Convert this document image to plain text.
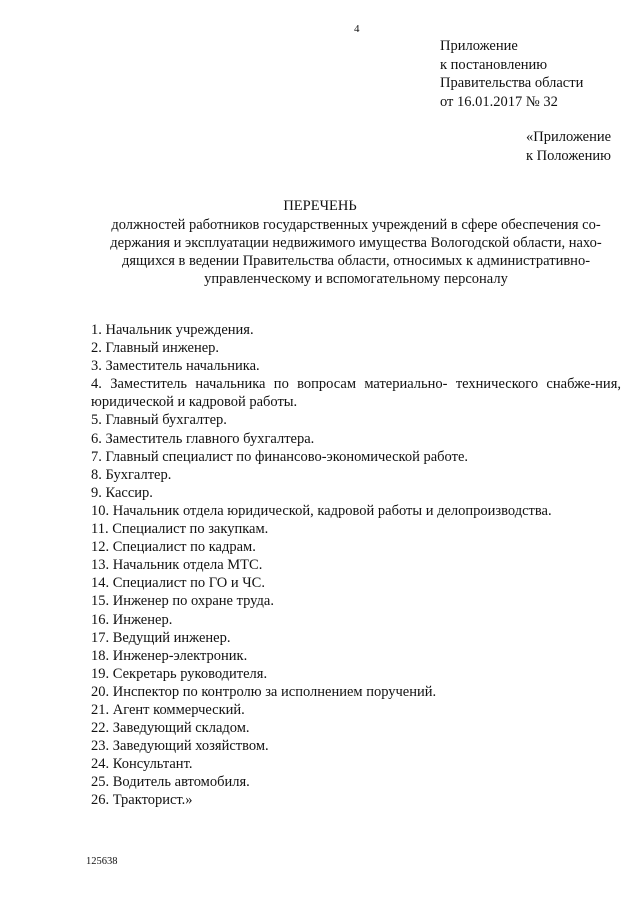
4
Приложение
к постановлению
Правительства области
от 16.01.2017 № 32
«Приложение
к Положению
ПЕРЕЧЕНЬ
должностей работников государственных учреждений в сфере обеспечения со-
держания и эксплуатации недвижимого имущества Вологодской области, нахо-
дящихся в ведении Правительства области, относимых к административно-
управленческому и вспомогательному персоналу
1. Начальник учреждения.
2. Главный инженер.
3. Заместитель начальника.
4. Заместитель начальника по вопросам материально- технического снабже-ния, юридической и кадровой работы.
5. Главный бухгалтер.
6. Заместитель главного бухгалтера.
7. Главный специалист по финансово-экономической работе.
8. Бухгалтер.
9. Кассир.
10. Начальник отдела юридической, кадровой работы и делопроизводства.
11. Специалист по закупкам.
12. Специалист по кадрам.
13. Начальник отдела МТС.
14. Специалист по ГО и ЧС.
15. Инженер по охране труда.
16. Инженер.
17. Ведущий инженер.
18. Инженер-электроник.
19. Секретарь руководителя.
20. Инспектор по контролю за исполнением поручений.
21. Агент коммерческий.
22. Заведующий складом.
23. Заведующий хозяйством.
24. Консультант.
25. Водитель автомобиля.
26. Тракторист.»
125638
